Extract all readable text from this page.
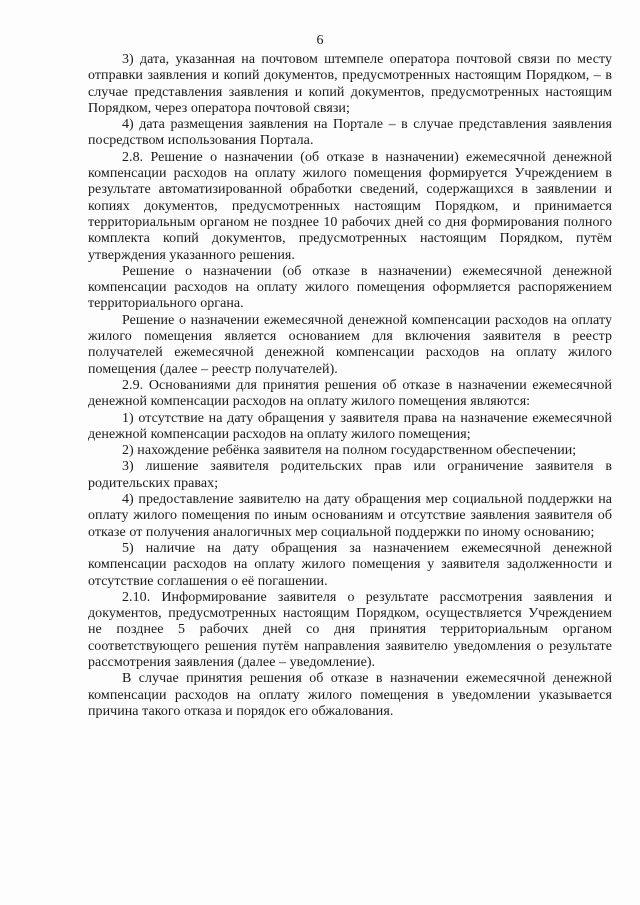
6

3) дата, указанная на почтовом штемпеле оператора почтовой связи по месту отправки заявления и копий документов, предусмотренных настоящим Порядком, – в случае представления заявления и копий документов, предусмотренных настоящим Порядком, через оператора почтовой связи;

4) дата размещения заявления на Портале – в случае представления заявления посредством использования Портала.

2.8. Решение о назначении (об отказе в назначении) ежемесячной денежной компенсации расходов на оплату жилого помещения формируется Учреждением в результате автоматизированной обработки сведений, содержащихся в заявлении и копиях документов, предусмотренных настоящим Порядком, и принимается территориальным органом не позднее 10 рабочих дней со дня формирования полного комплекта копий документов, предусмотренных настоящим Порядком, путём утверждения указанного решения.

Решение о назначении (об отказе в назначении) ежемесячной денежной компенсации расходов на оплату жилого помещения оформляется распоряжением территориального органа.

Решение о назначении ежемесячной денежной компенсации расходов на оплату жилого помещения является основанием для включения заявителя в реестр получателей ежемесячной денежной компенсации расходов на оплату жилого помещения (далее – реестр получателей).

2.9. Основаниями для принятия решения об отказе в назначении ежемесячной денежной компенсации расходов на оплату жилого помещения являются:

1) отсутствие на дату обращения у заявителя права на назначение ежемесячной денежной компенсации расходов на оплату жилого помещения;

2) нахождение ребёнка заявителя на полном государственном обеспечении;

3) лишение заявителя родительских прав или ограничение заявителя в родительских правах;

4) предоставление заявителю на дату обращения мер социальной поддержки на оплату жилого помещения по иным основаниям и отсутствие заявления заявителя об отказе от получения аналогичных мер социальной поддержки по иному основанию;

5) наличие на дату обращения за назначением ежемесячной денежной компенсации расходов на оплату жилого помещения у заявителя задолженности и отсутствие соглашения о её погашении.

2.10. Информирование заявителя о результате рассмотрения заявления и документов, предусмотренных настоящим Порядком, осуществляется Учреждением не позднее 5 рабочих дней со дня принятия территориальным органом соответствующего решения путём направления заявителю уведомления о результате рассмотрения заявления (далее – уведомление).

В случае принятия решения об отказе в назначении ежемесячной денежной компенсации расходов на оплату жилого помещения в уведомлении указывается причина такого отказа и порядок его обжалования.
